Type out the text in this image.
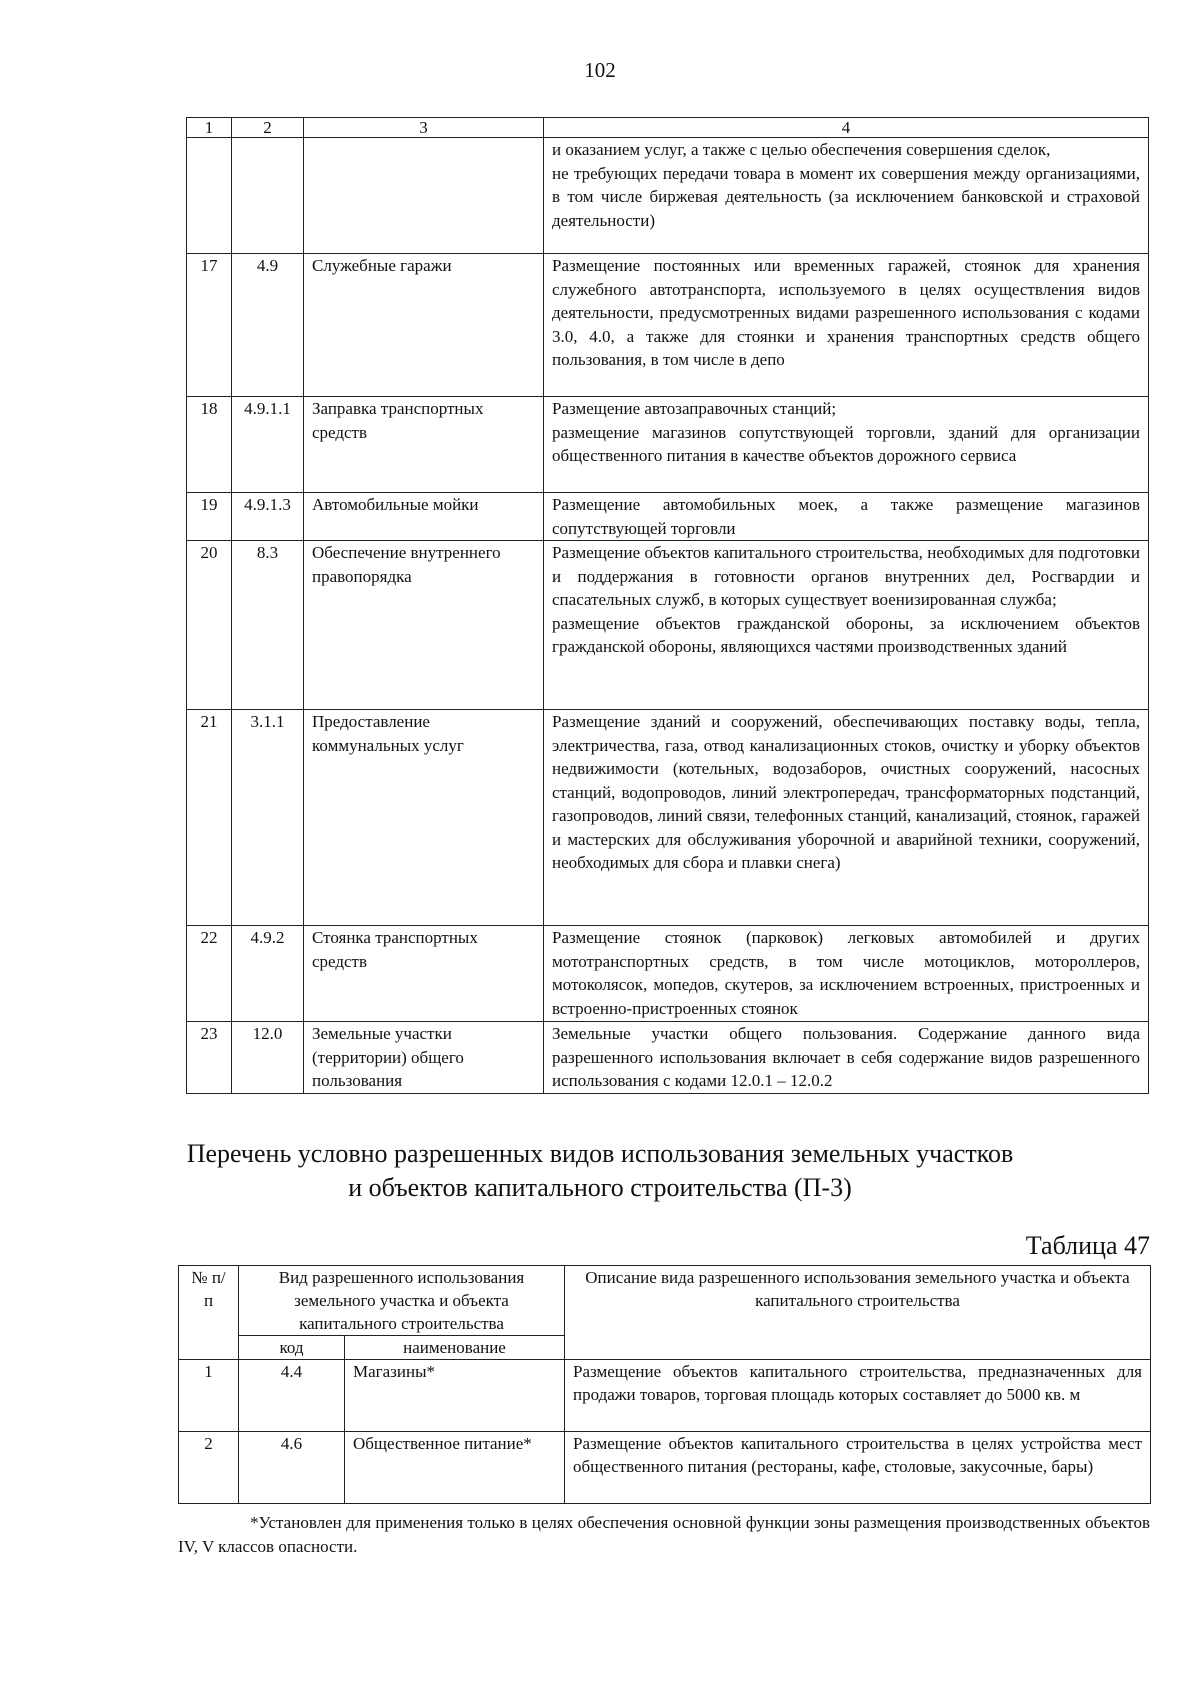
102
1	2	3	4
			и оказанием услуг, а также с целью обеспечения совершения сделок,
не требующих передачи товара в момент их совершения между организациями, в том числе биржевая деятельность (за исключением банковской и страховой деятельности)
17	4.9	Служебные гаражи	Размещение постоянных или временных гаражей, стоянок для хранения служебного автотранспорта, используемого в целях осуществления видов деятельности, предусмотренных видами разрешенного использования с кодами 3.0, 4.0, а также для стоянки и хранения транспортных средств общего пользования, в том числе в депо
18	4.9.1.1	Заправка транспортных средств	Размещение автозаправочных станций;
размещение магазинов сопутствующей торговли, зданий для организации общественного питания в качестве объектов дорожного сервиса
19	4.9.1.3	Автомобильные мойки	Размещение автомобильных моек, а также размещение магазинов сопутствующей торговли
20	8.3	Обеспечение внутреннего правопорядка	Размещение объектов капитального строительства, необходимых для подготовки и поддержания в готовности органов внутренних дел, Росгвардии и спасательных служб, в которых существует военизированная служба;
размещение объектов гражданской обороны, за исключением объектов гражданской обороны, являющихся частями производственных зданий
21	3.1.1	Предоставление коммунальных услуг	Размещение зданий и сооружений, обеспечивающих поставку воды, тепла, электричества, газа, отвод канализационных стоков, очистку и уборку объектов недвижимости (котельных, водозаборов, очистных сооружений, насосных станций, водопроводов, линий электропередач, трансформаторных подстанций, газопроводов, линий связи, телефонных станций, канализаций, стоянок, гаражей и мастерских для обслуживания уборочной и аварийной техники, сооружений, необходимых для сбора и плавки снега)
22	4.9.2	Стоянка транспортных средств	Размещение стоянок (парковок) легковых автомобилей и других мототранспортных средств, в том числе мотоциклов, мотороллеров, мотоколясок, мопедов, скутеров, за исключением встроенных, пристроенных и встроенно-пристроенных стоянок
23	12.0	Земельные участки (территории) общего пользования	Земельные участки общего пользования. Содержание данного вида разрешенного использования включает в себя содержание видов разрешенного использования с кодами 12.0.1 – 12.0.2
Перечень условно разрешенных видов использования земельных участков
и объектов капитального строительства (П-3)
Таблица 47
№ п/п	Вид разрешенного использования земельного участка и объекта капитального строительства		Описание вида разрешенного использования земельного участка и объекта капитального строительства
	код	наименование	
1	4.4	Магазины*	Размещение объектов капитального строительства, предназначенных для продажи товаров, торговая площадь которых составляет до 5000 кв. м
2	4.6	Общественное питание*	Размещение объектов капитального строительства в целях устройства мест общественного питания (рестораны, кафе, столовые, закусочные, бары)
*Установлен для применения только в целях обеспечения основной функции зоны размещения производственных объектов IV, V классов опасности.
